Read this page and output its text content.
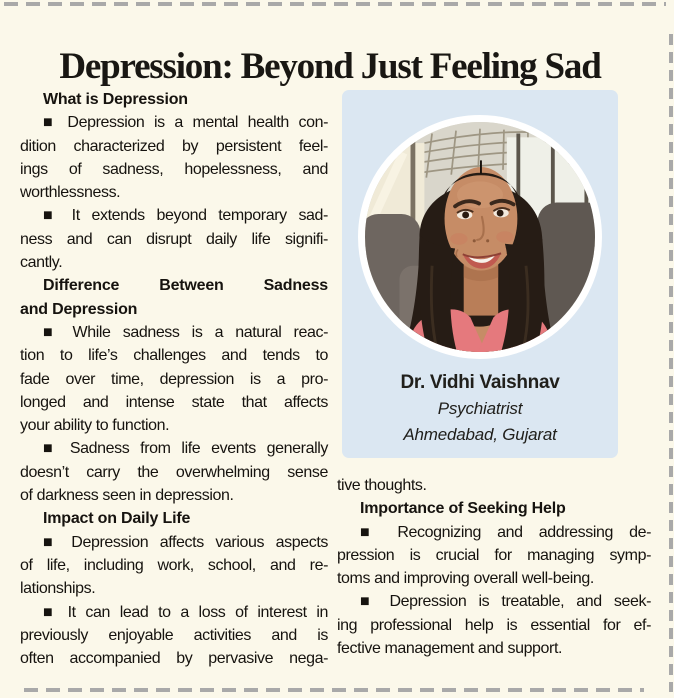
Depression: Beyond Just Feeling Sad
What is Depression
■ Depression is a mental health con-
dition characterized by persistent feel-
ings of sadness, hopelessness, and
worthlessness.
■ It extends beyond temporary sad-
ness and can disrupt daily life signifi-
cantly.
Difference Between Sadness
and Depression
■ While sadness is a natural reac-
tion to life’s challenges and tends to
fade over time, depression is a pro-
longed and intense state that affects
your ability to function.
■ Sadness from life events generally
doesn’t carry the overwhelming sense
of darkness seen in depression.
Impact on Daily Life
■ Depression affects various aspects
of life, including work, school, and re-
lationships.
■ It can lead to a loss of interest in
previously enjoyable activities and is
often accompanied by pervasive nega-
Dr. Vidhi Vaishnav
Psychiatrist
Ahmedabad, Gujarat
tive thoughts.
Importance of Seeking Help
■ Recognizing and addressing de-
pression is crucial for managing symp-
toms and improving overall well-being.
■ Depression is treatable, and seek-
ing professional help is essential for ef-
fective management and support.
